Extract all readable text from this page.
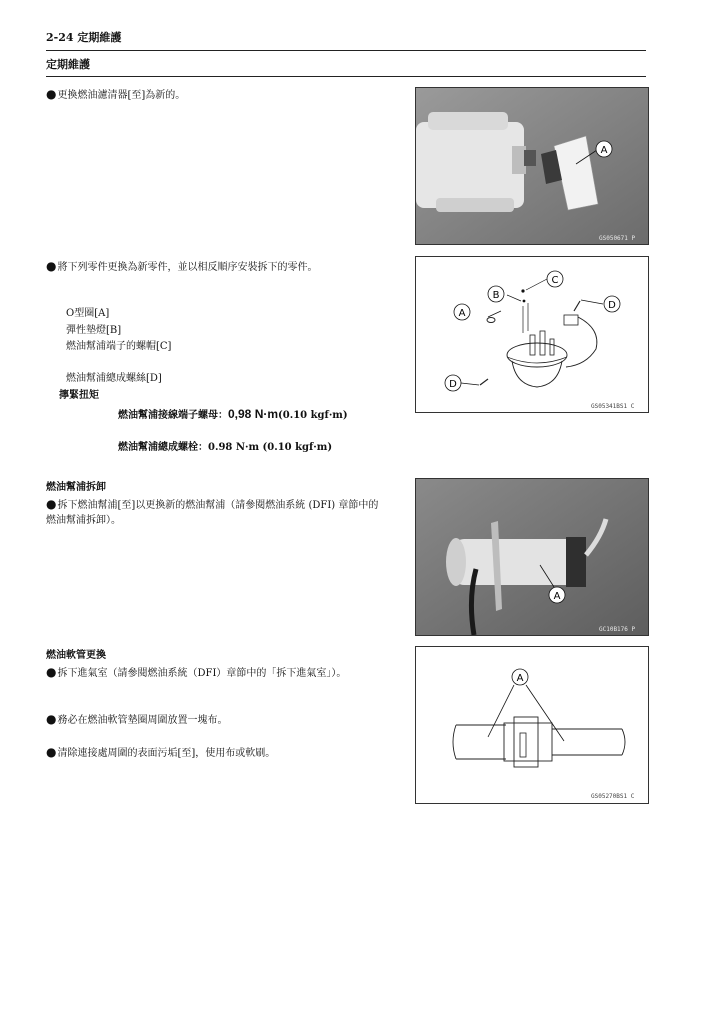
2-24 定期維護
定期維護
●更換燃油濾清器[至]為新的。
A
GS050671 P
●將下列零件更換為新零件，並以相反順序安裝拆下的零件。
O型圈[A]
彈性墊燈[B]
燃油幫浦端子的螺帽[C]
燃油幫浦總成螺絲[D]
擰緊扭矩
燃油幫浦接線端子螺母：0,98 N·m(0.10 kgf·m)
燃油幫浦總成螺栓：0.98 N·m (0.10 kgf·m)
A
B
C
D
D
GS05341BS1 C
燃油幫浦拆卸
●拆下燃油幫浦[至]以更換新的燃油幫浦（請參閱燃油系統 (DFI) 章節中的
燃油幫浦拆卸）。
A
GC10B176 P
燃油軟管更換
●拆下進氣室（請參閱燃油系統（DFI）章節中的「拆下進氣室」）。
●務必在燃油軟管墊圈周圍放置一塊布。
●清除連接處周圍的表面污垢[至]，使用布或軟刷。
A
GS05270BS1 C
